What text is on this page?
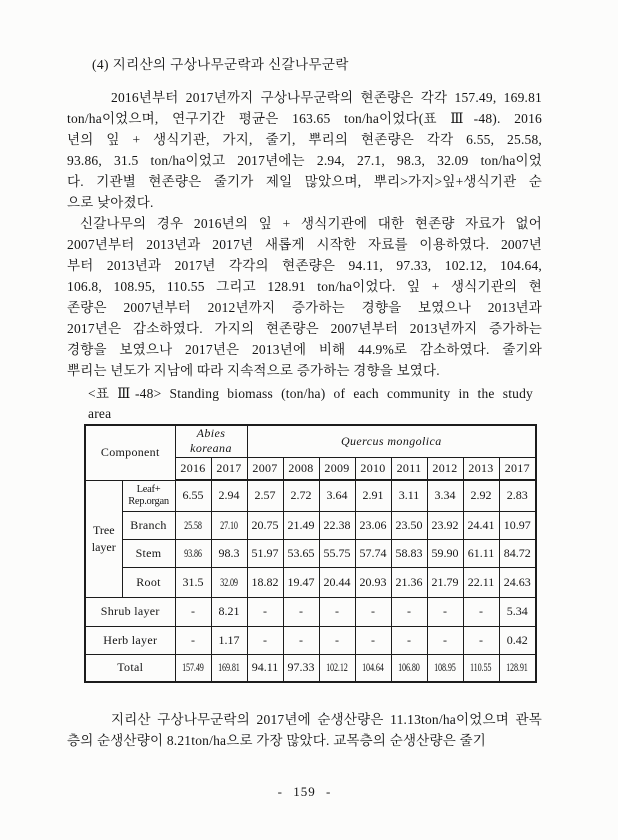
(4) 지리산의 구상나무군락과 신갈나무군락
2016년부터 2017년까지 구상나무군락의 현존량은 각각 157.49, 169.81
ton/ha이었으며, 연구기간 평균은 163.65 ton/ha이었다(표 Ⅲ-48). 2016
년의 잎 + 생식기관, 가지, 줄기, 뿌리의 현존량은 각각 6.55, 25.58,
93.86, 31.5 ton/ha이었고 2017년에는 2.94, 27.1, 98.3, 32.09 ton/ha이었
다. 기관별 현존량은 줄기가 제일 많았으며, 뿌리>가지>잎+생식기관 순
으로 낮아졌다.
신갈나무의 경우 2016년의 잎 + 생식기관에 대한 현존량 자료가 없어
2007년부터 2013년과 2017년 새롭게 시작한 자료를 이용하였다. 2007년
부터 2013년과 2017년 각각의 현존량은 94.11, 97.33, 102.12, 104.64,
106.8, 108.95, 110.55 그리고 128.91 ton/ha이었다. 잎 + 생식기관의 현
존량은 2007년부터 2012년까지 증가하는 경향을 보였으나 2013년과
2017년은 감소하였다. 가지의 현존량은 2007년부터 2013년까지 증가하는
경향을 보였으나 2017년은 2013년에 비해 44.9%로 감소하였다. 줄기와
뿌리는 년도가 지남에 따라 지속적으로 증가하는 경향을 보였다.
<표 Ⅲ-48> Standing biomass (ton/ha) of each community in the study
area
Component		Abies koreana		Quercus mongolica							
		2016	2017	2007	2008	2009	2010	2011	2012	2013	2017
Tree layer	Leaf+ Rep.organ	6.55	2.94	2.57	2.72	3.64	2.91	3.11	3.34	2.92	2.83
	Branch	25.58	27.10	20.75	21.49	22.38	23.06	23.50	23.92	24.41	10.97
	Stem	93.86	98.3	51.97	53.65	55.75	57.74	58.83	59.90	61.11	84.72
	Root	31.5	32.09	18.82	19.47	20.44	20.93	21.36	21.79	22.11	24.63
Shrub layer		-	8.21	-	-	-	-	-	-	-	5.34
Herb layer		-	1.17	-	-	-	-	-	-	-	0.42
Total		157.49	169.81	94.11	97.33	102.12	104.64	106.80	108.95	110.55	128.91
지리산 구상나무군락의 2017년에 순생산량은 11.13ton/ha이었으며 관목
층의 순생산량이 8.21ton/ha으로 가장 많았다. 교목층의 순생산량은 줄기
- 159 -
